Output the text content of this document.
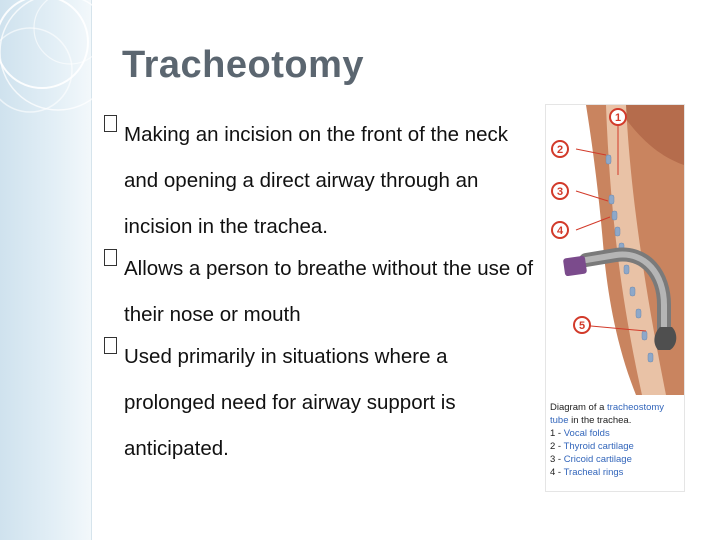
Tracheotomy
Making an incision on the front of the neck and opening a direct airway through an incision in the trachea.
Allows a person to breathe without the use of their nose or mouth
Used primarily in situations where a prolonged need for airway support is anticipated.
1
2
3
4
5
Diagram of a tracheostomy
tube in the trachea.
1 - Vocal folds
2 - Thyroid cartilage
3 - Cricoid cartilage
4 - Tracheal rings
